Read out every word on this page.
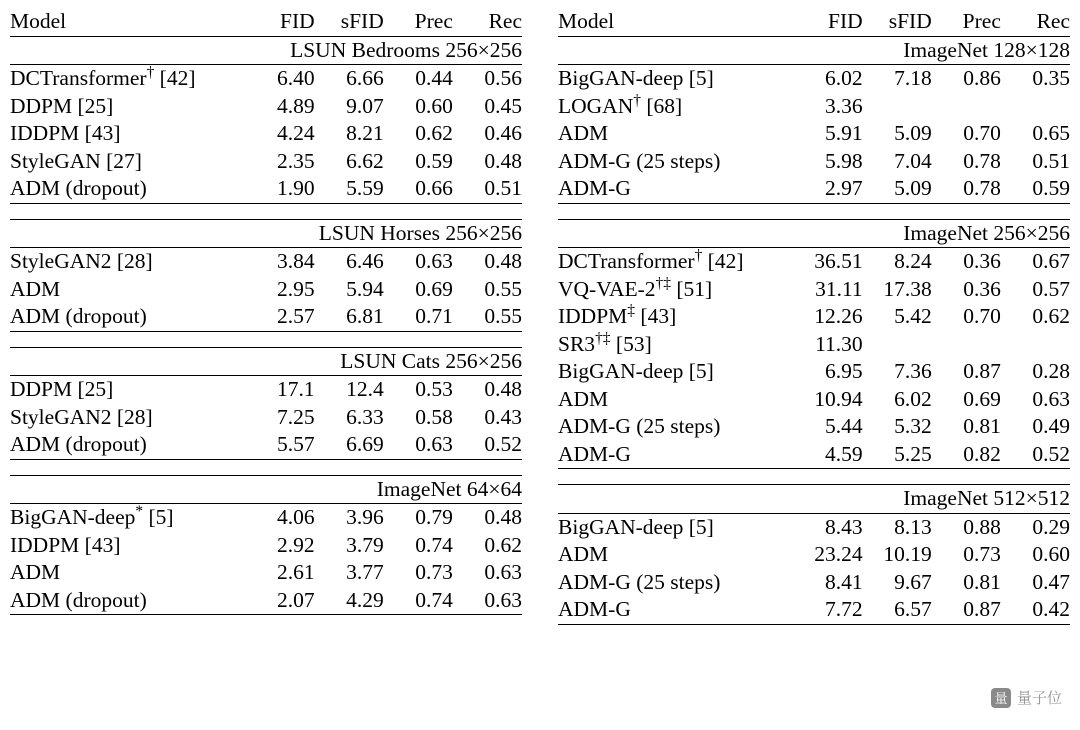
Model	FID	sFID	Prec	Rec
LSUN Bedrooms 256×256				
DCTransformer† [42]	6.40	6.66	0.44	0.56
DDPM [25]	4.89	9.07	0.60	0.45
IDDPM [43]	4.24	8.21	0.62	0.46
StyleGAN [27]	2.35	6.62	0.59	0.48
ADM (dropout)	1.90	5.59	0.66	0.51

LSUN Horses 256×256				
StyleGAN2 [28]	3.84	6.46	0.63	0.48
ADM	2.95	5.94	0.69	0.55
ADM (dropout)	2.57	6.81	0.71	0.55

LSUN Cats 256×256				
DDPM [25]	17.1	12.4	0.53	0.48
StyleGAN2 [28]	7.25	6.33	0.58	0.43
ADM (dropout)	5.57	6.69	0.63	0.52

ImageNet 64×64				
BigGAN-deep* [5]	4.06	3.96	0.79	0.48
IDDPM [43]	2.92	3.79	0.74	0.62
ADM	2.61	3.77	0.73	0.63
ADM (dropout)	2.07	4.29	0.74	0.63
Model	FID	sFID	Prec	Rec
ImageNet 128×128				
BigGAN-deep [5]	6.02	7.18	0.86	0.35
LOGAN† [68]	3.36			
ADM	5.91	5.09	0.70	0.65
ADM-G (25 steps)	5.98	7.04	0.78	0.51
ADM-G	2.97	5.09	0.78	0.59

ImageNet 256×256				
DCTransformer† [42]	36.51	8.24	0.36	0.67
VQ-VAE-2†‡ [51]	31.11	17.38	0.36	0.57
IDDPM‡ [43]	12.26	5.42	0.70	0.62
SR3†‡ [53]	11.30			
BigGAN-deep [5]	6.95	7.36	0.87	0.28
ADM	10.94	6.02	0.69	0.63
ADM-G (25 steps)	5.44	5.32	0.81	0.49
ADM-G	4.59	5.25	0.82	0.52

ImageNet 512×512				
BigGAN-deep [5]	8.43	8.13	0.88	0.29
ADM	23.24	10.19	0.73	0.60
ADM-G (25 steps)	8.41	9.67	0.81	0.47
ADM-G	7.72	6.57	0.87	0.42
量 量子位
